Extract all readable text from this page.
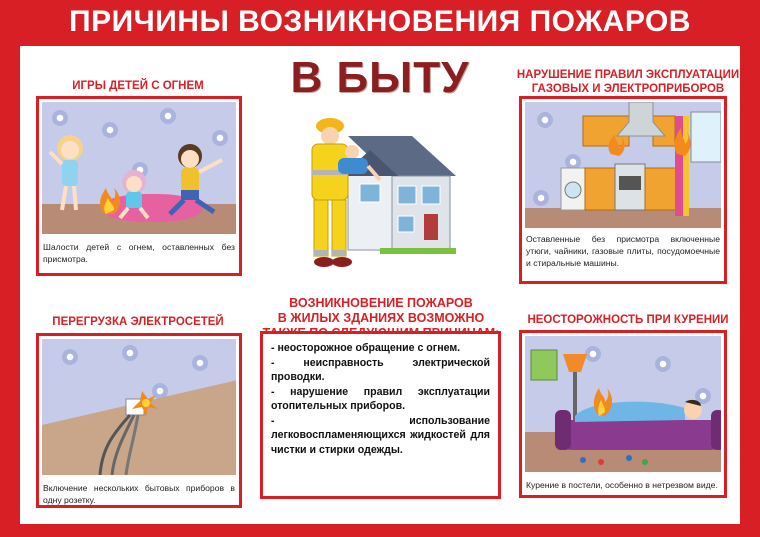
ПРИЧИНЫ ВОЗНИКНОВЕНИЯ ПОЖАРОВ
В БЫТУ
ИГРЫ ДЕТЕЙ С ОГНЕМ
Шалости детей с огнем, оставленных без присмотра.
НАРУШЕНИЕ ПРАВИЛ ЭКСПЛУАТАЦИИ
ГАЗОВЫХ И ЭЛЕКТРОПРИБОРОВ
Оставленные без присмотра включенные утюги, чайники, газовые плиты, посудомоечные и стиральные машины.
ПЕРЕГРУЗКА ЭЛЕКТРОСЕТЕЙ
Включение нескольких бытовых приборов в одну розетку.
ВОЗНИКНОВЕНИЕ ПОЖАРОВ
В ЖИЛЫХ ЗДАНИЯХ ВОЗМОЖНО
- неосторожное обращение с огнем.
- неисправность электрической проводки.
- нарушение правил эксплуатации отопительных приборов.
- использование легковоспламеняющихся жидкостей для чистки и стирки одежды.
НЕОСТОРОЖНОСТЬ ПРИ КУРЕНИИ
Курение в постели, особенно в нетрезвом виде.
